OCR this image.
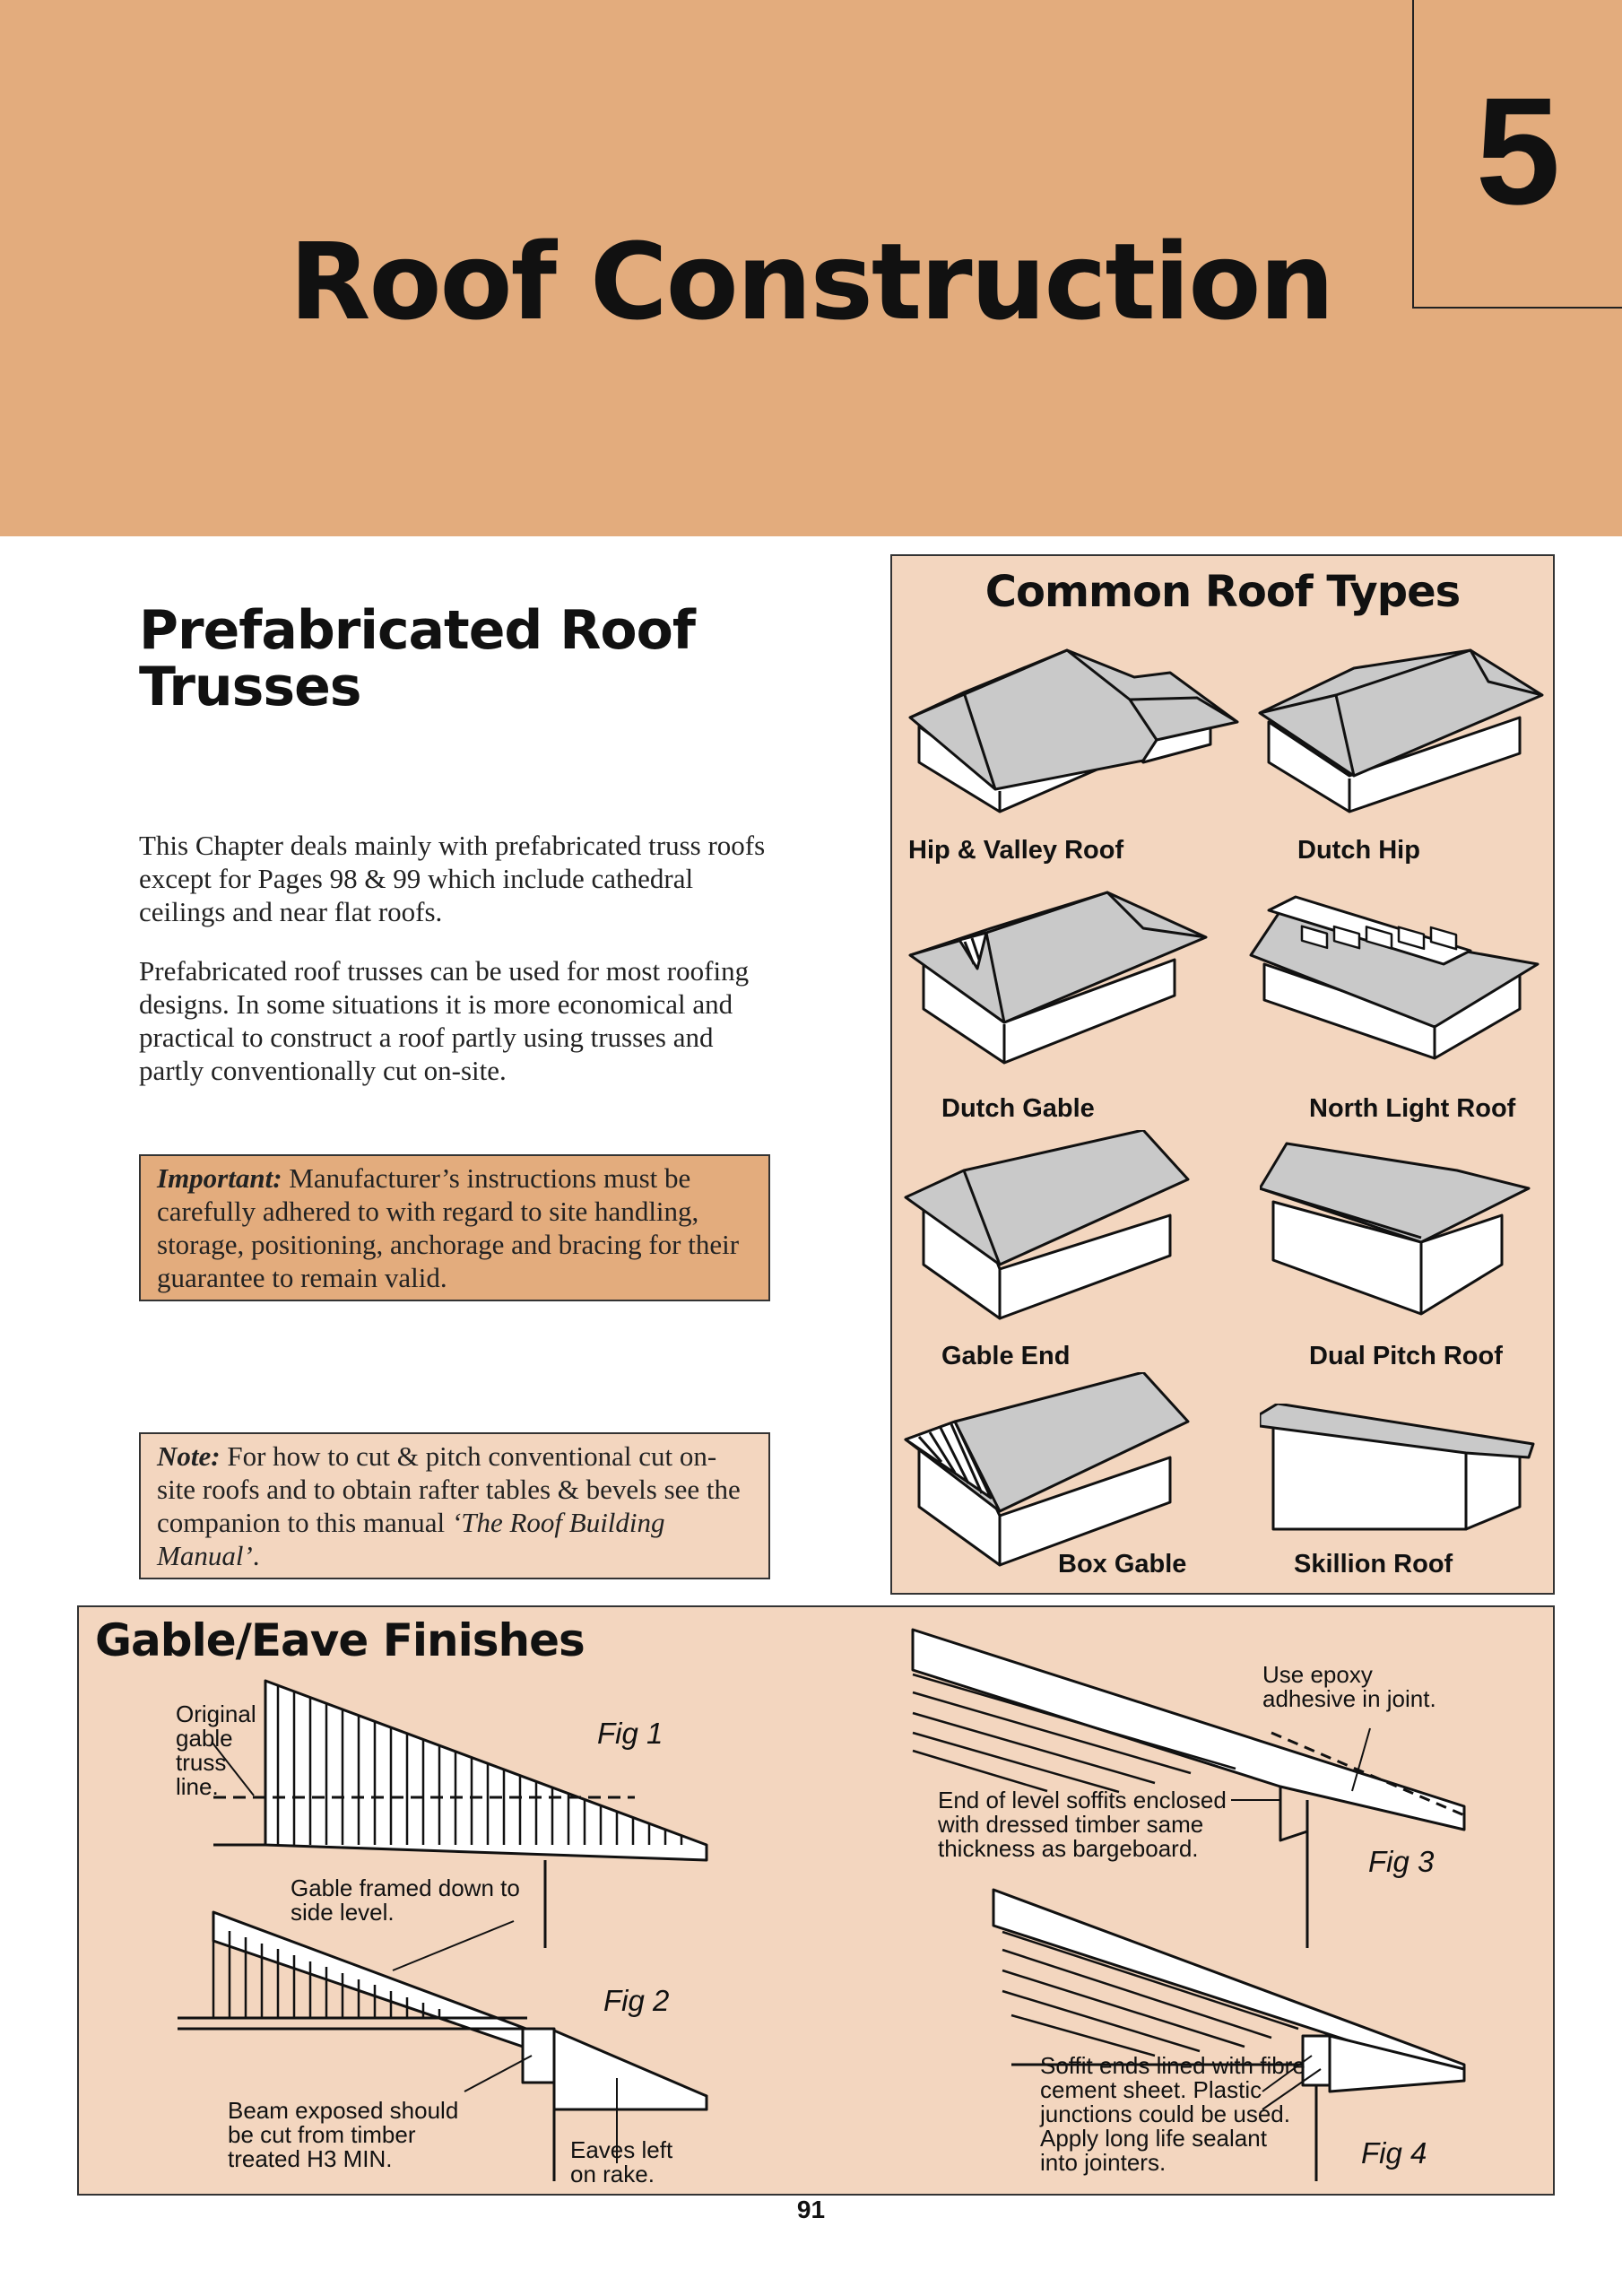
5
Roof Construction
Prefabricated Roof Trusses

This Chapter deals mainly with prefabricated truss roofs except for Pages 98 & 99 which include cathedral ceilings and near flat roofs.

Prefabricated roof trusses can be used for most roofing designs. In some situations it is more economical and practical to construct a roof partly using trusses and partly conventionally cut on-site.

Important: Manufacturer’s instructions must be carefully adhered to with regard to site handling, storage, positioning, anchorage and bracing for their guarantee to remain valid.
Note: For how to cut & pitch conventional cut on-site roofs and to obtain rafter tables & bevels see the companion to this manual ‘The Roof Building Manual’.
Common Roof Types
Hip & Valley Roof	Dutch Hip
Dutch Gable	North Light Roof
Gable End	Dual Pitch Roof
Box Gable	Skillion Roof
Gable/Eave Finishes
Fig 1
Fig 2
Fig 3
Fig 4
Original gable truss line.
Gable framed down to side level.
Beam exposed should be cut from timber treated H3 MIN.	Eaves left on rake.
Use epoxy adhesive in joint.
End of level soffits enclosed with dressed timber same thickness as bargeboard.
Soffit ends lined with fibre cement sheet. Plastic junctions could be used. Apply long life sealant into jointers.
91
